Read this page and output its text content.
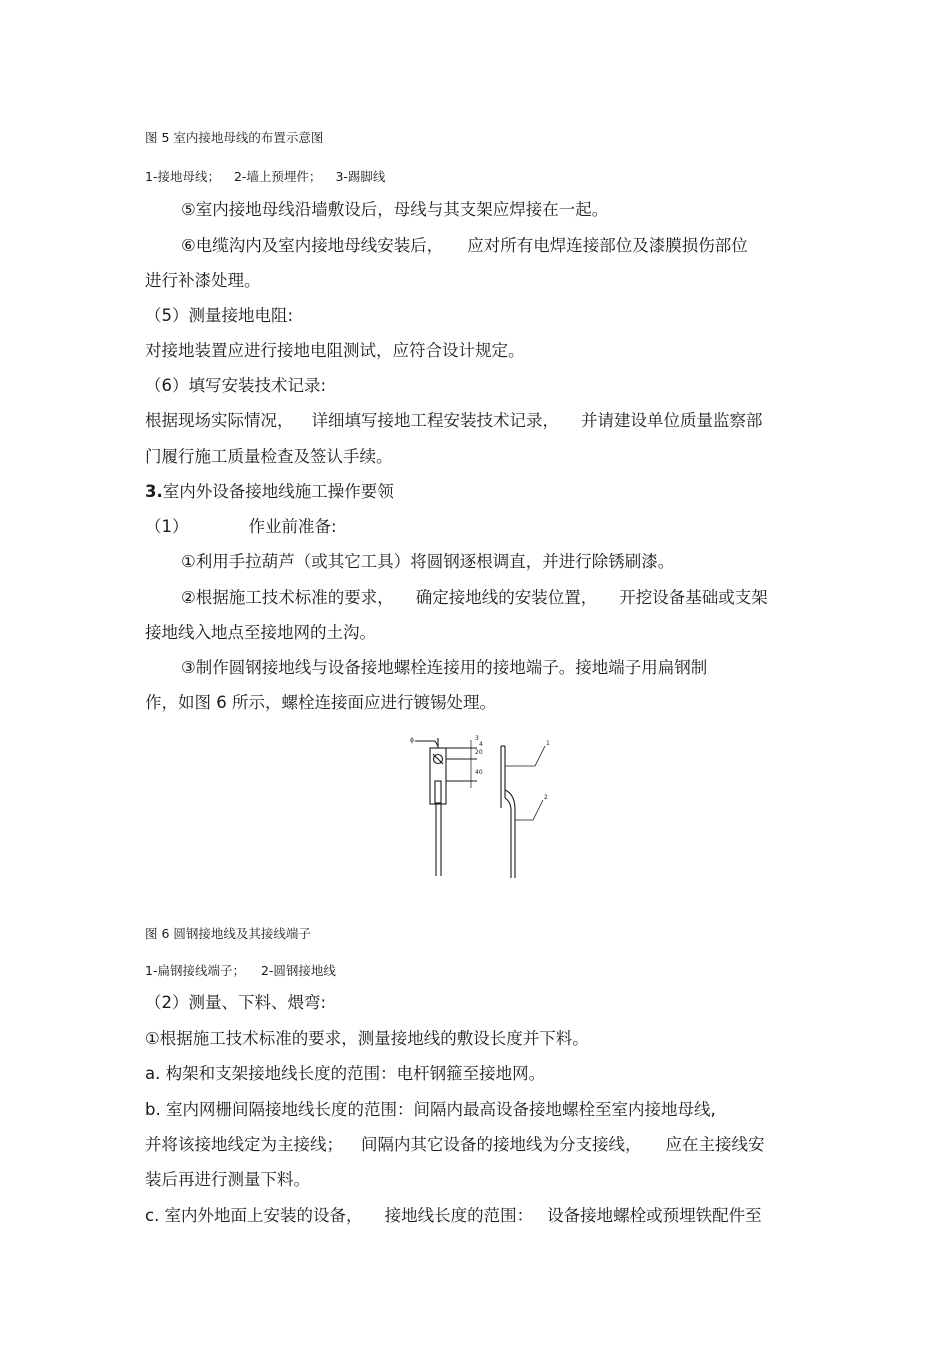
图 5 室内接地母线的布置示意图
1-接地母线； 2-墙上预埋件； 3-踢脚线
⑤室内接地母线沿墙敷设后，母线与其支架应焊接在一起。
⑥电缆沟内及室内接地母线安装后， 应对所有电焊连接部位及漆膜损伤部位
进行补漆处理。
（5）测量接地电阻:
对接地装置应进行接地电阻测试，应符合设计规定。
（6）填写安装技术记录:
根据现场实际情况， 详细填写接地工程安装技术记录， 并请建设单位质量监察部
门履行施工质量检查及签认手续。
3.室内外设备接地线施工操作要领
（1）	作业前准备:
①利用手拉葫芦（或其它工具）将圆钢逐根调直，并进行除锈刷漆。
②根据施工技术标准的要求， 确定接地线的安装位置， 开挖设备基础或支架
接地线入地点至接地网的土沟。
③制作圆钢接地线与设备接地螺栓连接用的接地端子。接地端子用扁钢制
作，如图 6 所示，螺栓连接面应进行镀锡处理。
ϕ	3
20
4
40
1
2
图 6 圆钢接地线及其接线端子
1-扁钢接线端子； 2-圆钢接地线
（2）测量、下料、煨弯:
①根据施工技术标准的要求，测量接地线的敷设长度并下料。
a. 构架和支架接地线长度的范围：电杆钢箍至接地网。
b. 室内网栅间隔接地线长度的范围：间隔内最高设备接地螺栓至室内接地母线,
并将该接地线定为主接线； 间隔内其它设备的接地线为分支接线， 应在主接线安
装后再进行测量下料。
c. 室内外地面上安装的设备， 接地线长度的范围： 设备接地螺栓或预埋铁配件至
